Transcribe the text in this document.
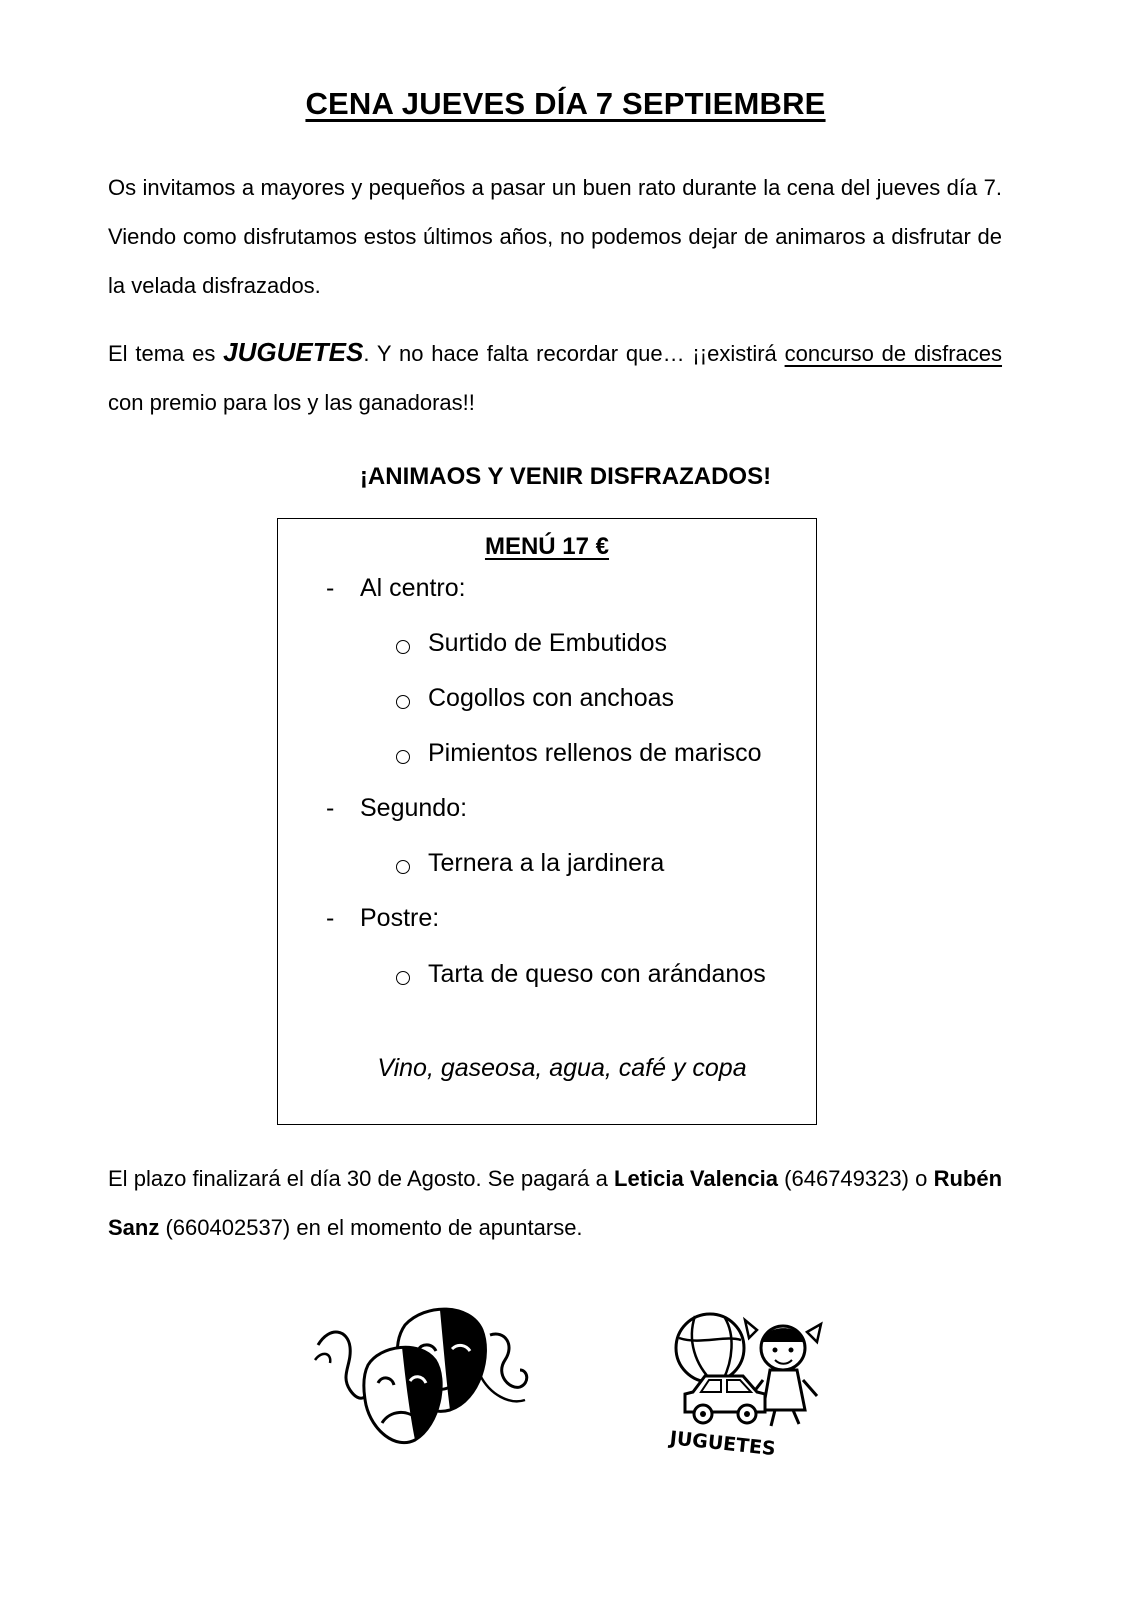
CENA JUEVES DÍA 7 SEPTIEMBRE
Os invitamos a mayores y pequeños a pasar un buen rato durante la cena del jueves día 7. Viendo como disfrutamos estos últimos años, no podemos dejar de animaros a disfrutar de la velada disfrazados.
El tema es JUGUETES. Y no hace falta recordar que… ¡¡existirá concurso de disfraces con premio para los y las ganadoras!!
¡ANIMAOS Y VENIR DISFRAZADOS!
MENÚ 17 €
- Al centro:
Surtido de Embutidos
Cogollos con anchoas
Pimientos rellenos de marisco
- Segundo:
Ternera a la jardinera
- Postre:
Tarta de queso con arándanos
Vino, gaseosa, agua, café y copa
El plazo finalizará el día 30 de Agosto. Se pagará a Leticia Valencia (646749323) o Rubén Sanz (660402537) en el momento de apuntarse.
JUGUETES
